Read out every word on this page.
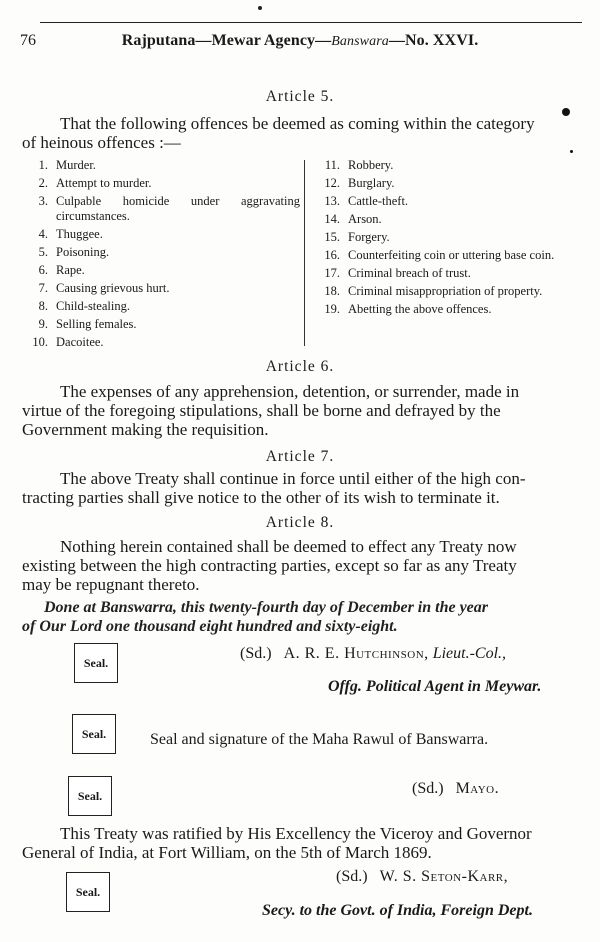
76	Rajputana—Mewar Agency—Banswara—No. XXVI.
Article 5.
That the following offences be deemed as coming within the category
of heinous offences :—
1. Murder.
2. Attempt to murder.
3. Culpable homicide under aggravating circumstances.
4. Thuggee.
5. Poisoning.
6. Rape.
7. Causing grievous hurt.
8. Child-stealing.
9. Selling females.
10. Dacoitee.
11. Robbery.
12. Burglary.
13. Cattle-theft.
14. Arson.
15. Forgery.
16. Counterfeiting coin or uttering base coin.
17. Criminal breach of trust.
18. Criminal misappropriation of property.
19. Abetting the above offences.
Article 6.
The expenses of any apprehension, detention, or surrender, made in
virtue of the foregoing stipulations, shall be borne and defrayed by the
Government making the requisition.
Article 7.
The above Treaty shall continue in force until either of the high con-
tracting parties shall give notice to the other of its wish to terminate it.
Article 8.
Nothing herein contained shall be deemed to effect any Treaty now
existing between the high contracting parties, except so far as any Treaty
may be repugnant thereto.
Done at Banswarra, this twenty-fourth day of December in the year
of Our Lord one thousand eight hundred and sixty-eight.
Seal.
(Sd.) A. R. E. Hutchinson, Lieut.-Col.,
Offg. Political Agent in Meywar.
Seal.	Seal and signature of the Maha Rawul of Banswarra.
Seal.	(Sd.) Mayo.
This Treaty was ratified by His Excellency the Viceroy and Governor
General of India, at Fort William, on the 5th of March 1869.
Seal.
(Sd.) W. S. Seton-Karr,
Secy. to the Govt. of India, Foreign Dept.
